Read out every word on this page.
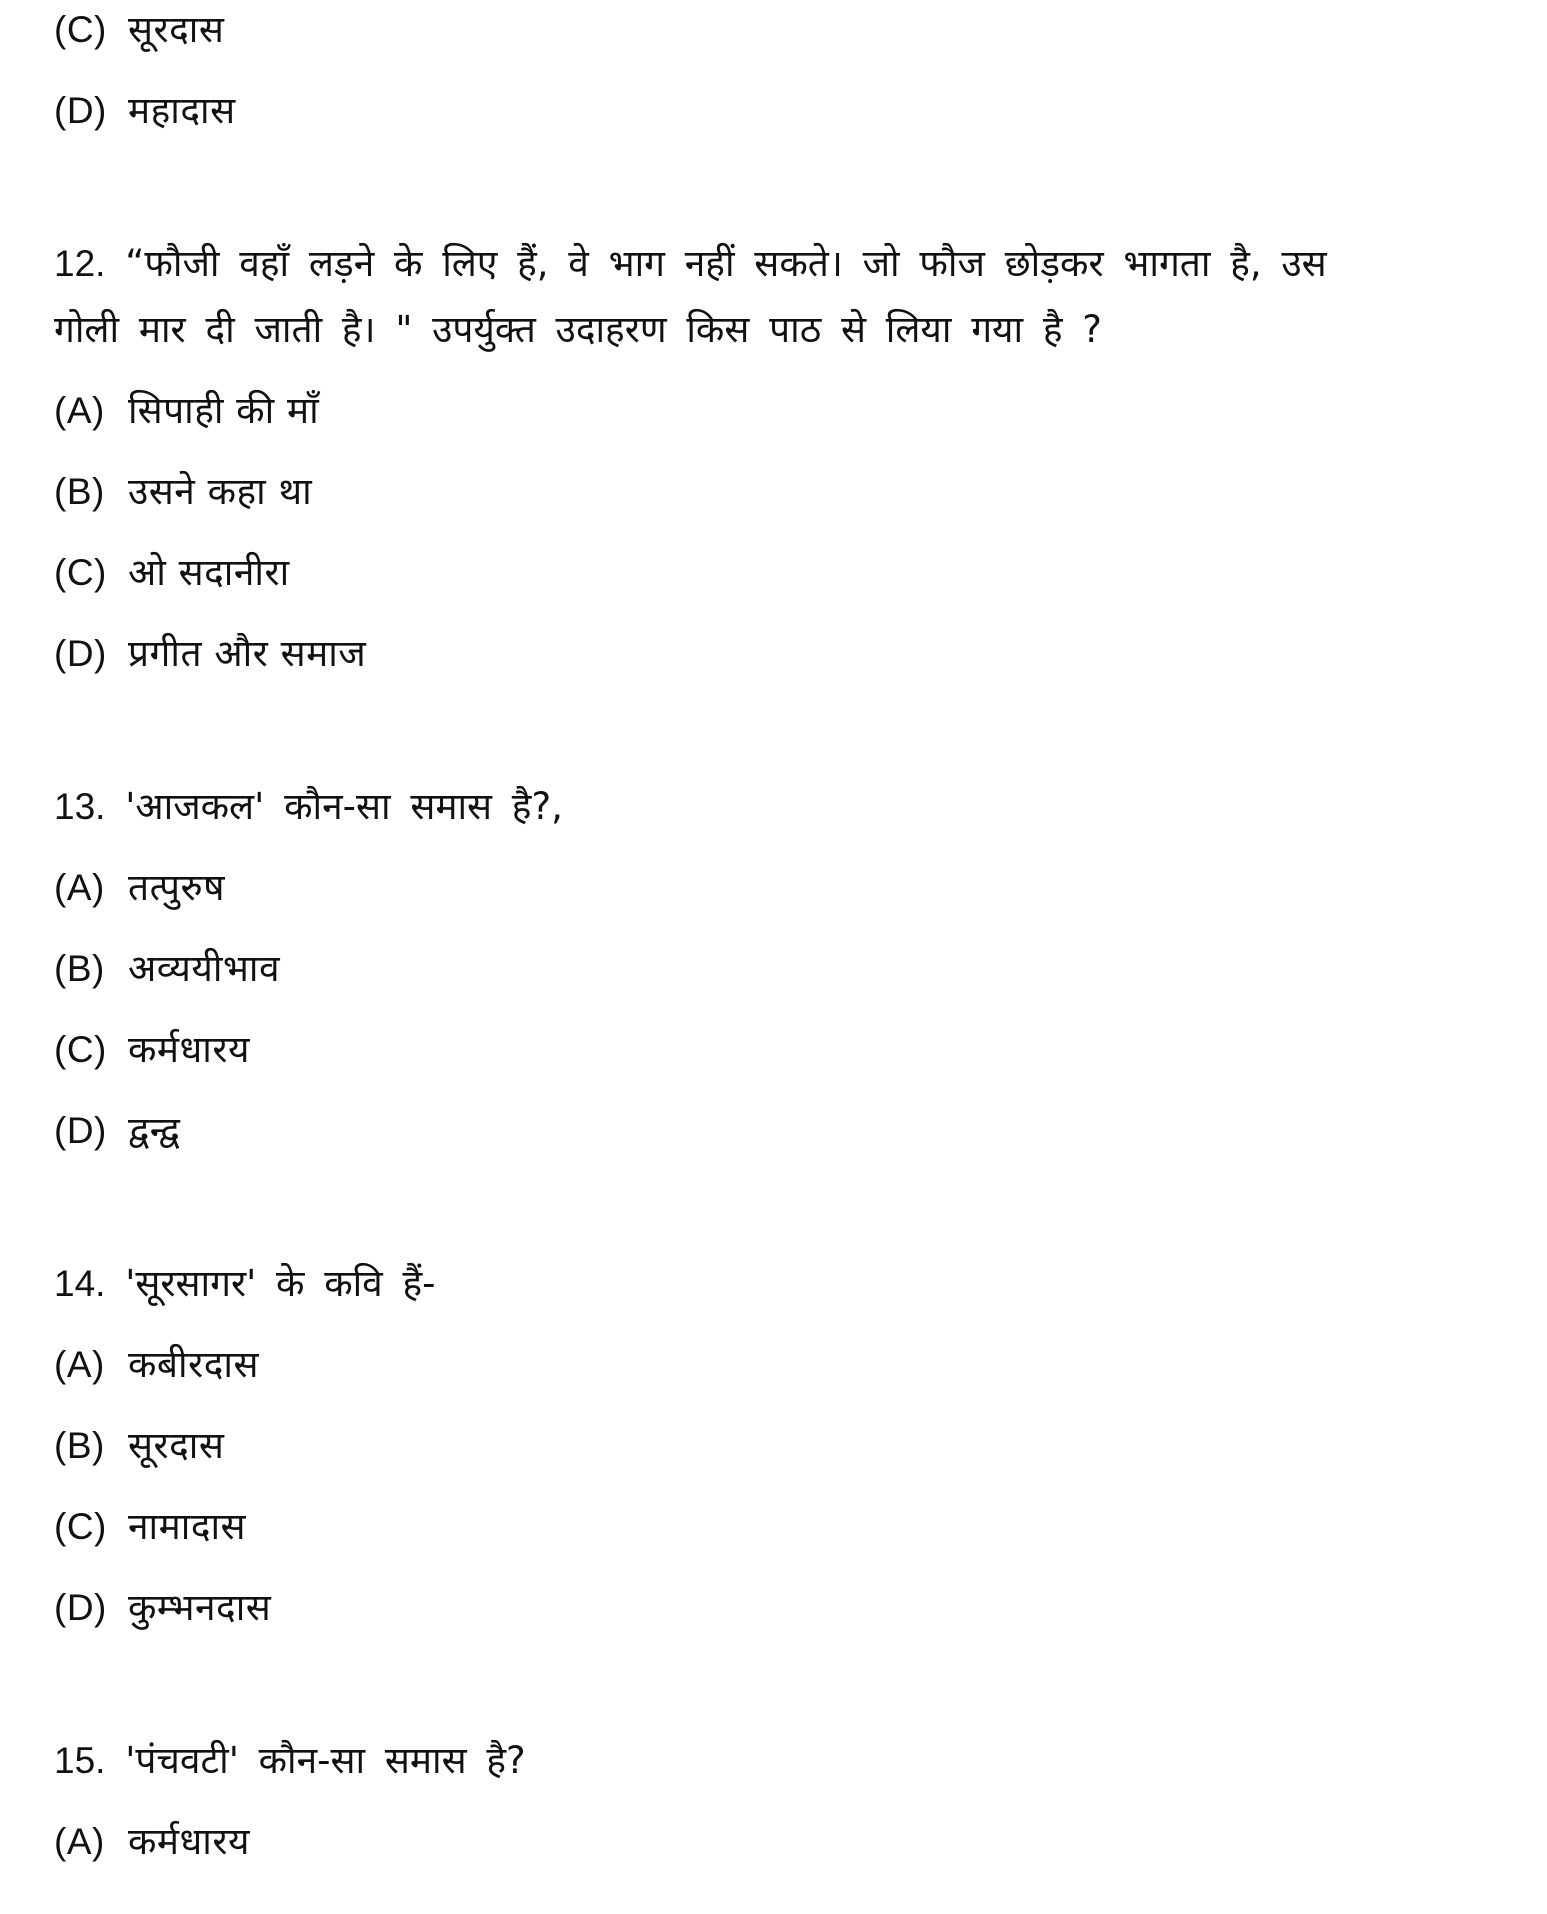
(C) सूरदास
(D) महादास
12. “फौजी वहाँ लड़ने के लिए हैं, वे भाग नहीं सकते। जो फौज छोड़कर भागता है, उस
गोली मार दी जाती है। " उपर्युक्त उदाहरण किस पाठ से लिया गया है ?
(A) सिपाही की माँ
(B) उसने कहा था
(C) ओ सदानीरा
(D) प्रगीत और समाज
13. 'आजकल' कौन-सा समास है?,
(A) तत्पुरुष
(B) अव्ययीभाव
(C) कर्मधारय
(D) द्वन्द्व
14. 'सूरसागर' के कवि हैं-
(A) कबीरदास
(B) सूरदास
(C) नामादास
(D) कुम्भनदास
15. 'पंचवटी' कौन-सा समास है?
(A) कर्मधारय
